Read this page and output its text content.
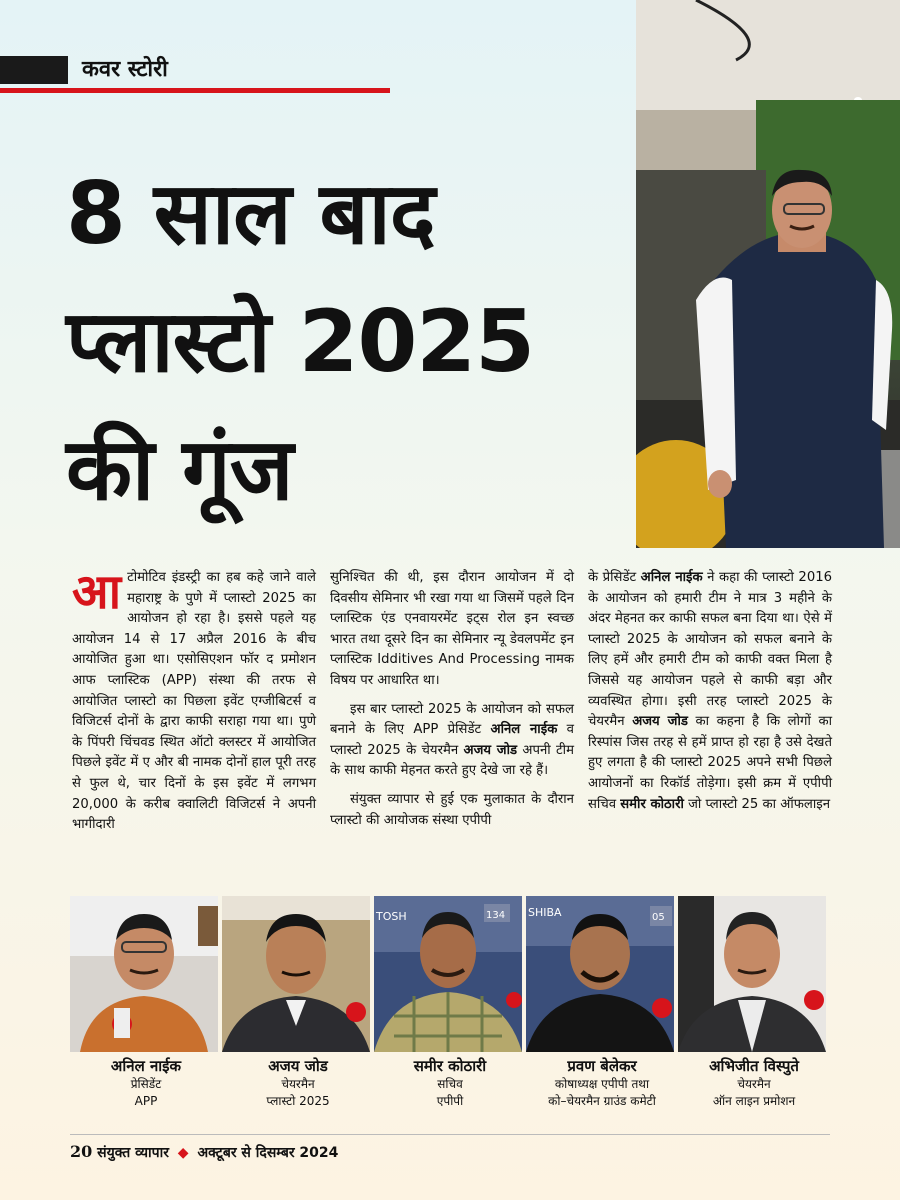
कवर स्टोरी
8 साल बाद
प्लास्टो 2025
की गूंज

आटोमोटिव इंडस्ट्री का हब कहे जाने वाले महाराष्ट्र के पुणे में प्लास्टो 2025 का आयोजन हो रहा है। इससे पहले यह आयोजन 14 से 17 अप्रैल 2016 के बीच आयोजित हुआ था। एसोसिएशन फॉर द प्रमोशन आफ प्लास्टिक (APP) संस्था की तरफ से आयोजित प्लास्टो का पिछला इवेंट एग्जीबिटर्स व विजिटर्स दोनों के द्वारा काफी सराहा गया था। पुणे के पिंपरी चिंचवड स्थित ऑटो क्लस्टर में आयोजित पिछले इवेंट में ए और बी नामक दोनों हाल पूरी तरह से फुल थे, चार दिनों के इस इवेंट में लगभग 20,000 के करीब क्वालिटी विजिटर्स ने अपनी भागीदारी

सुनिश्चित की थी, इस दौरान आयोजन में दो दिवसीय सेमिनार भी रखा गया था जिसमें पहले दिन प्लास्टिक एंड एनवायरमेंट इट्स रोल इन स्वच्छ भारत तथा दूसरे दिन का सेमिनार न्यू डेवलपमेंट इन प्लास्टिक Idditives And Processing नामक विषय पर आधारित था।

इस बार प्लास्टो 2025 के आयोजन को सफल बनाने के लिए APP प्रेसिडेंट अनिल नाईक व प्लास्टो 2025 के चेयरमैन अजय जोड अपनी टीम के साथ काफी मेहनत करते हुए देखे जा रहे हैं।

संयुक्त व्यापार से हुई एक मुलाकात के दौरान प्लास्टो की आयोजक संस्था एपीपी

के प्रेसिडेंट अनिल नाईक ने कहा की प्लास्टो 2016 के आयोजन को हमारी टीम ने मात्र 3 महीने के अंदर मेहनत कर काफी सफल बना दिया था। ऐसे में प्लास्टो 2025 के आयोजन को सफल बनाने के लिए हमें और हमारी टीम को काफी वक्त मिला है जिससे यह आयोजन पहले से काफी बड़ा और व्यवस्थित होगा। इसी तरह प्लास्टो 2025 के चेयरमैन अजय जोड का कहना है कि लोगों का रिस्पांस जिस तरह से हमें प्राप्त हो रहा है उसे देखते हुए लगता है की प्लास्टो 2025 अपने सभी पिछले आयोजनों का रिकॉर्ड तोड़ेगा। इसी क्रम में एपीपी सचिव समीर कोठारी जो प्लास्टो 25 का ऑफलाइन

TOSH	134 SHIBA	05
अनिल नाईक
प्रेसिडेंट
APP
अजय जोड
चेयरमैन
प्लास्टो 2025
समीर कोठारी
सचिव
एपीपी
प्रवण बेलेकर
कोषाध्यक्ष एपीपी तथा
को–चेयरमैन ग्राउंड कमेटी
अभिजीत विस्पुते
चेयरमैन
ऑन लाइन प्रमोशन
20 संयुक्त व्यापार ◆ अक्टूबर से दिसम्बर 2024
